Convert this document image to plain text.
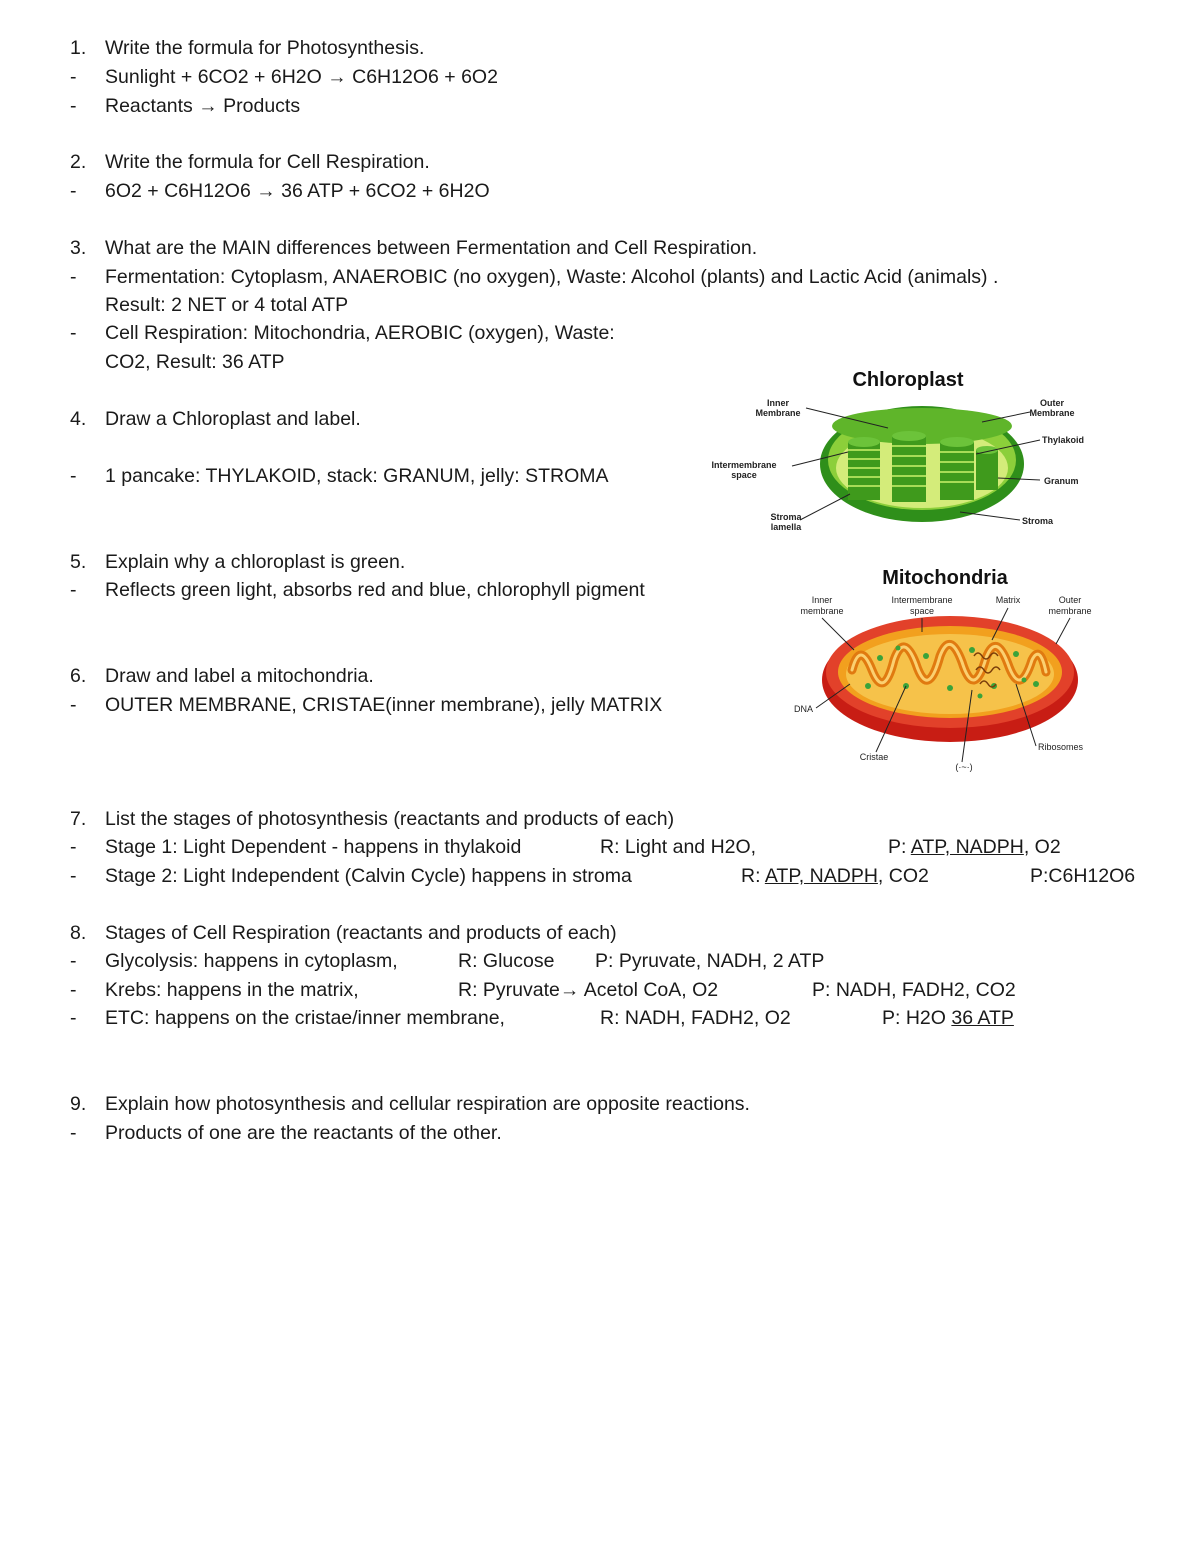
1. Write the formula for Photosynthesis.
- Sunlight + 6CO2 + 6H2O → C6H12O6 + 6O2
- Reactants → Products
2. Write the formula for Cell Respiration.
- 6O2 + C6H12O6 → 36 ATP + 6CO2 + 6H2O
3. What are the MAIN differences between Fermentation and Cell Respiration.
- Fermentation: Cytoplasm, ANAEROBIC (no oxygen), Waste: Alcohol (plants) and Lactic Acid (animals) .
Result: 2 NET or 4 total ATP
- Cell Respiration: Mitochondria, AEROBIC (oxygen), Waste:
CO2, Result: 36 ATP
4. Draw a Chloroplast and label.
- 1 pancake: THYLAKOID, stack: GRANUM, jelly: STROMA
5. Explain why a chloroplast is green.
- Reflects green light, absorbs red and blue, chlorophyll pigment
6. Draw and label a mitochondria.
- OUTER MEMBRANE, CRISTAE(inner membrane), jelly MATRIX
7. List the stages of photosynthesis (reactants and products of each)
- Stage 1: Light Dependent - happens in thylakoid	R: Light and H2O,	P: ATP, NADPH, O2
- Stage 2: Light Independent (Calvin Cycle) happens in stroma	R: ATP, NADPH, CO2	P:C6H12O6
8. Stages of Cell Respiration (reactants and products of each)
- Glycolysis: happens in cytoplasm,	R: Glucose P: Pyruvate, NADH, 2 ATP
- Krebs: happens in the matrix,	R: Pyruvate→ Acetol CoA, O2	P: NADH, FADH2, CO2
- ETC: happens on the cristae/inner membrane,	R: NADH, FADH2, O2	P: H2O 36 ATP
9. Explain how photosynthesis and cellular respiration are opposite reactions.
- Products of one are the reactants of the other.
Chloroplast
Inner Membrane
Outer Membrane
Thylakoid
Intermembrane space
Granum
Stroma lamella
Stroma
Mitochondria
Inner membrane
Intermembrane space
Matrix	Outer membrane
DNA
Ribosomes
Cristae
(·~·)
